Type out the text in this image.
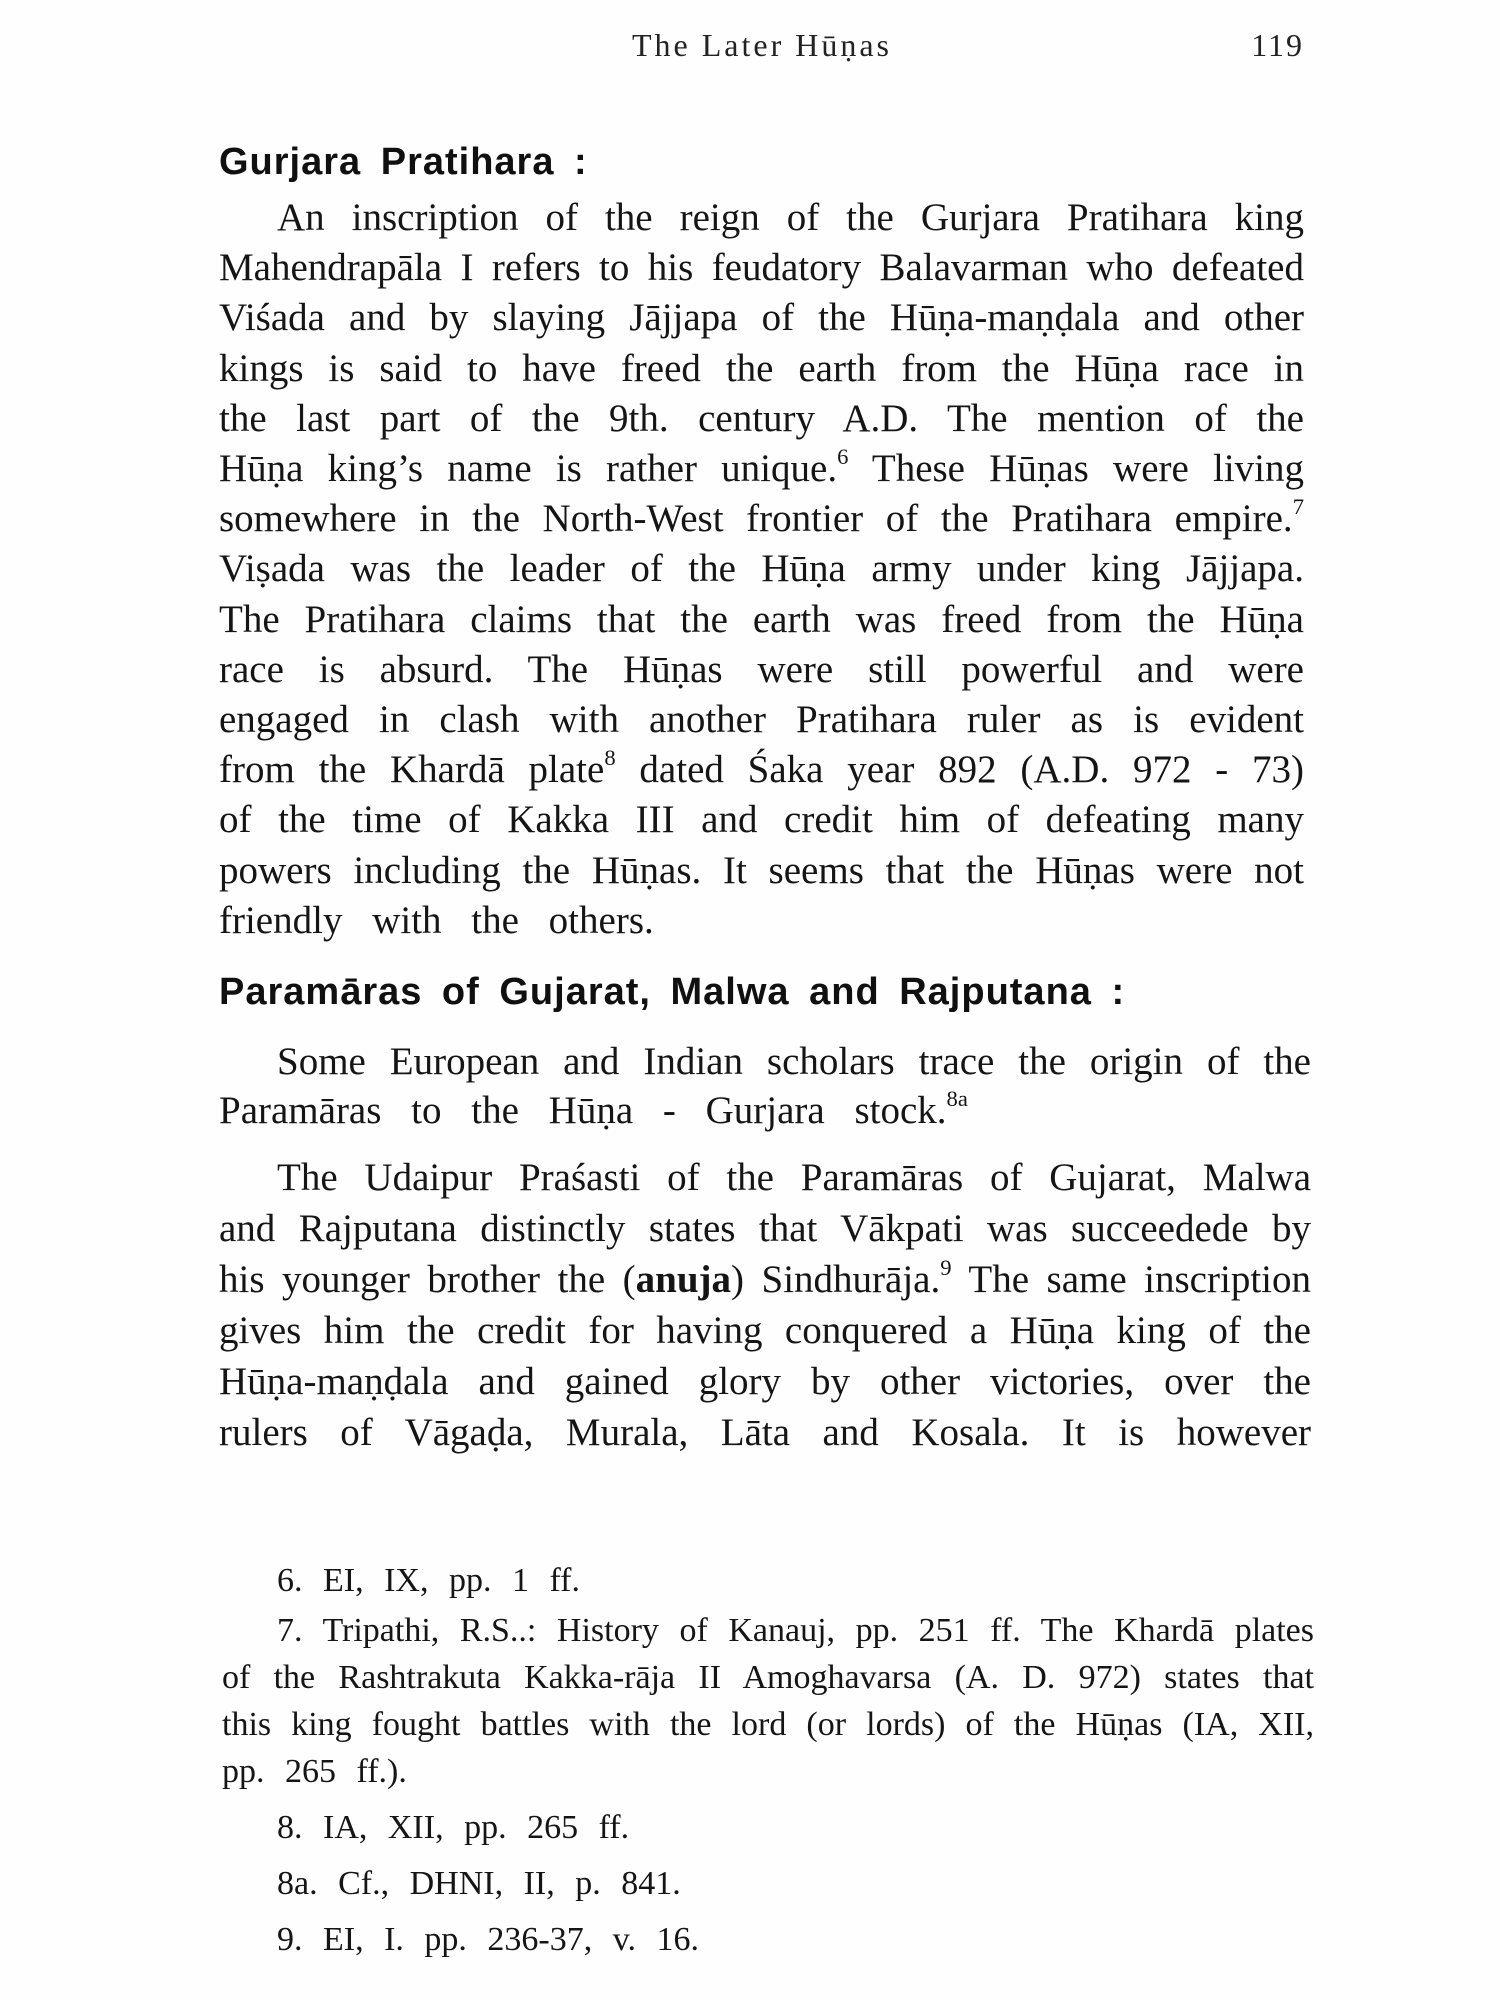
The Later Hūṇas	119
Gurjara Pratihara :
An inscription of the reign of the Gurjara Pratihara king
Mahendrapāla I refers to his feudatory Balavarman who defeated
Viśada and by slaying Jājjapa of the Hūṇa-maṇḍala and other
kings is said to have freed the earth from the Hūṇa race in
the last part of the 9th. century A.D. The mention of the
Hūṇa king’s name is rather unique.$^6$ These Hūṇas were living
somewhere in the North-West frontier of the Pratihara empire.$^7$
Viṣada was the leader of the Hūṇa army under king Jājjapa.
The Pratihara claims that the earth was freed from the Hūṇa
race is absurd. The Hūṇas were still powerful and were
engaged in clash with another Pratihara ruler as is evident
from the Khardā plate$^8$ dated Śaka year 892 (A.D. 972 - 73)
of the time of Kakka III and credit him of defeating many
powers including the Hūṇas. It seems that the Hūṇas were not
friendly with the others.
Paramāras of Gujarat, Malwa and Rajputana :
Some European and Indian scholars trace the origin of the
Paramāras to the Hūṇa - Gurjara stock.$^{8a}$
The Udaipur Praśasti of the Paramāras of Gujarat, Malwa
and Rajputana distinctly states that Vākpati was succeedede by
his younger brother the (anuja) Sindhurāja.$^9$ The same inscription
gives him the credit for having conquered a Hūṇa king of the
Hūṇa-maṇḍala and gained glory by other victories, over the
rulers of Vāgaḍa, Murala, Lāta and Kosala. It is however
6. EI, IX, pp. 1 ff.
7. Tripathi, R.S..: History of Kanauj, pp. 251 ff. The Khardā plates
of the Rashtrakuta Kakka-rāja II Amoghavarsa (A. D. 972) states that
this king fought battles with the lord (or lords) of the Hūṇas (IA, XII,
pp. 265 ff.).
8. IA, XII, pp. 265 ff.
8a. Cf., DHNI, II, p. 841.
9. EI, I. pp. 236-37, v. 16.
